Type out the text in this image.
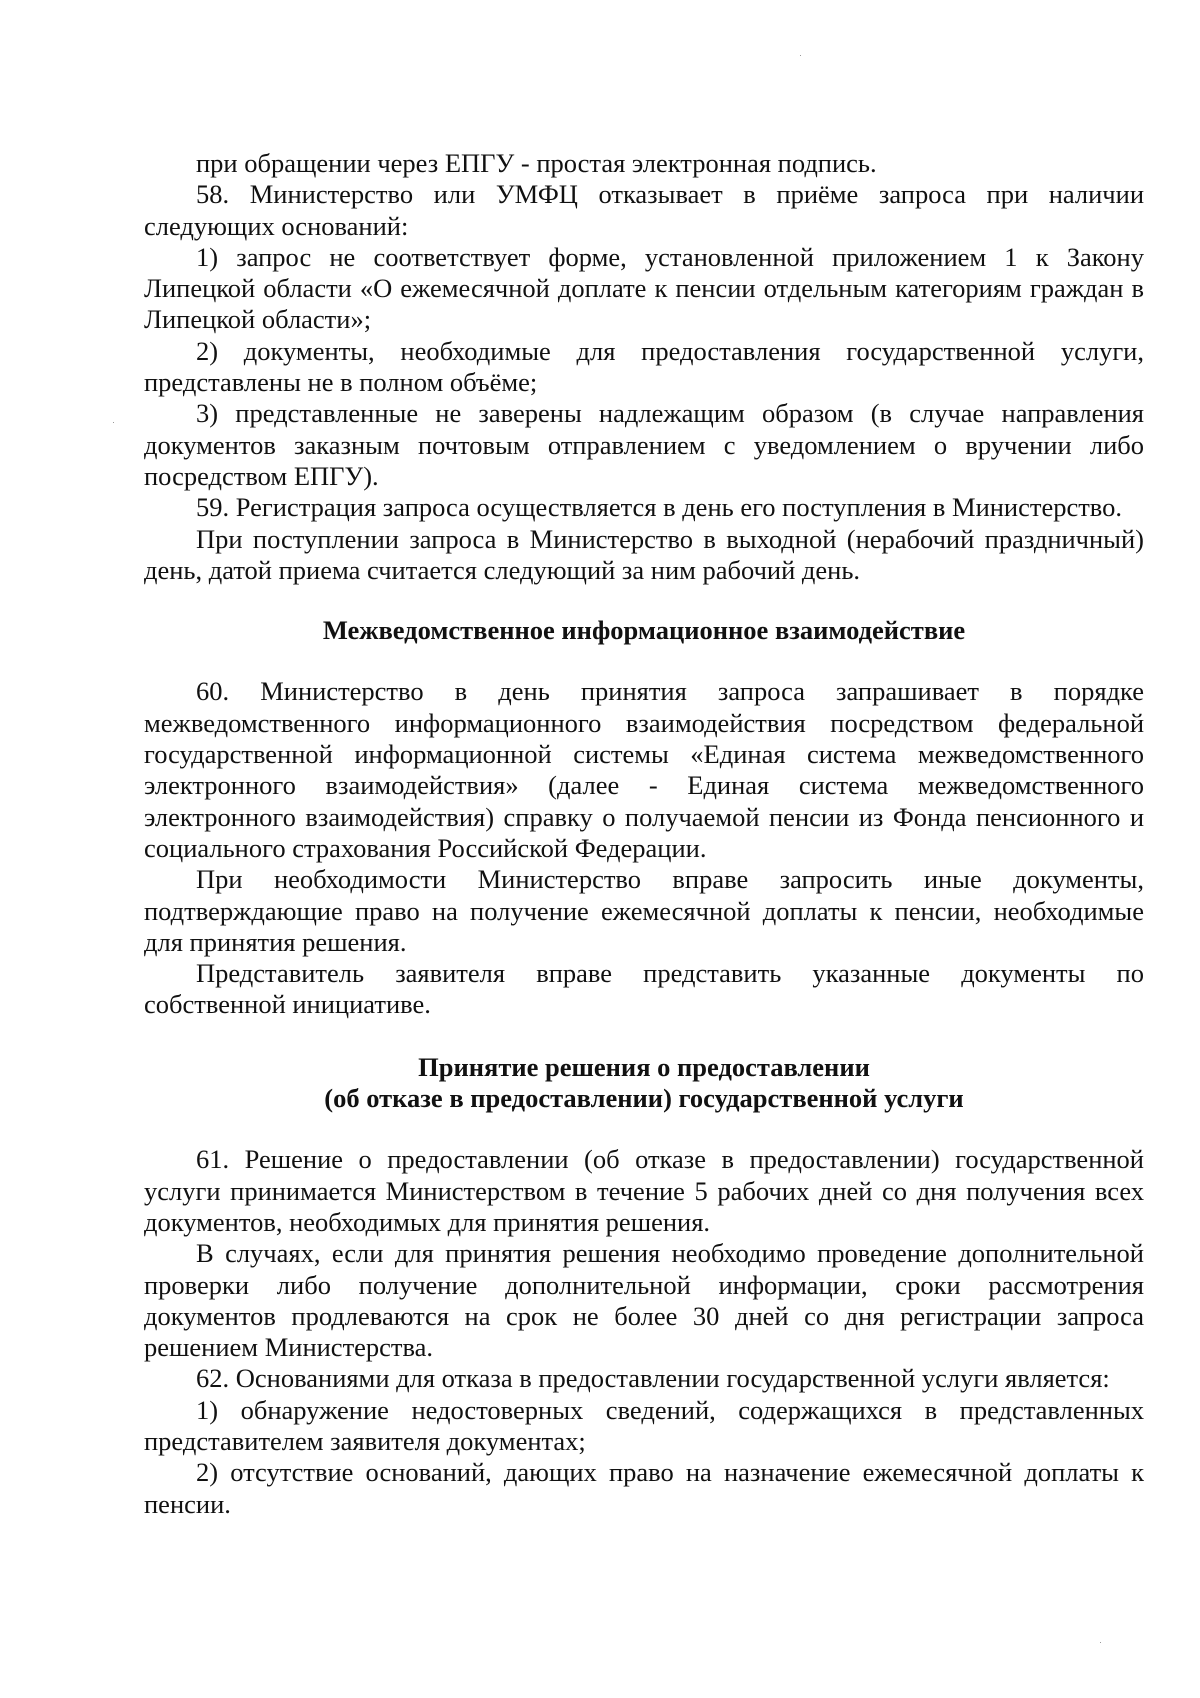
при обращении через ЕПГУ - простая электронная подпись.

58. Министерство или УМФЦ отказывает в приёме запроса при наличии следующих оснований:

1) запрос не соответствует форме, установленной приложением 1 к Закону Липецкой области «О ежемесячной доплате к пенсии отдельным категориям граждан в Липецкой области»;

2) документы, необходимые для предоставления государственной услуги, представлены не в полном объёме;

3) представленные не заверены надлежащим образом (в случае направления документов заказным почтовым отправлением с уведомлением о вручении либо посредством ЕПГУ).

59. Регистрация запроса осуществляется в день его поступления в Министерство.

При поступлении запроса в Министерство в выходной (нерабочий праздничный) день, датой приема считается следующий за ним рабочий день.

Межведомственное информационное взаимодействие

60. Министерство в день принятия запроса запрашивает в порядке межведомственного информационного взаимодействия посредством федеральной государственной информационной системы «Единая система межведомственного электронного взаимодействия» (далее - Единая система межведомственного электронного взаимодействия) справку о получаемой пенсии из Фонда пенсионного и социального страхования Российской Федерации.

При необходимости Министерство вправе запросить иные документы, подтверждающие право на получение ежемесячной доплаты к пенсии, необходимые для принятия решения.

Представитель заявителя вправе представить указанные документы по собственной инициативе.

Принятие решения о предоставлении
(об отказе в предоставлении) государственной услуги

61. Решение о предоставлении (об отказе в предоставлении) государственной услуги принимается Министерством в течение 5 рабочих дней со дня получения всех документов, необходимых для принятия решения.

В случаях, если для принятия решения необходимо проведение дополнительной проверки либо получение дополнительной информации, сроки рассмотрения документов продлеваются на срок не более 30 дней со дня регистрации запроса решением Министерства.

62. Основаниями для отказа в предоставлении государственной услуги является:

1) обнаружение недостоверных сведений, содержащихся в представленных представителем заявителя документах;

2) отсутствие оснований, дающих право на назначение ежемесячной доплаты к пенсии.
